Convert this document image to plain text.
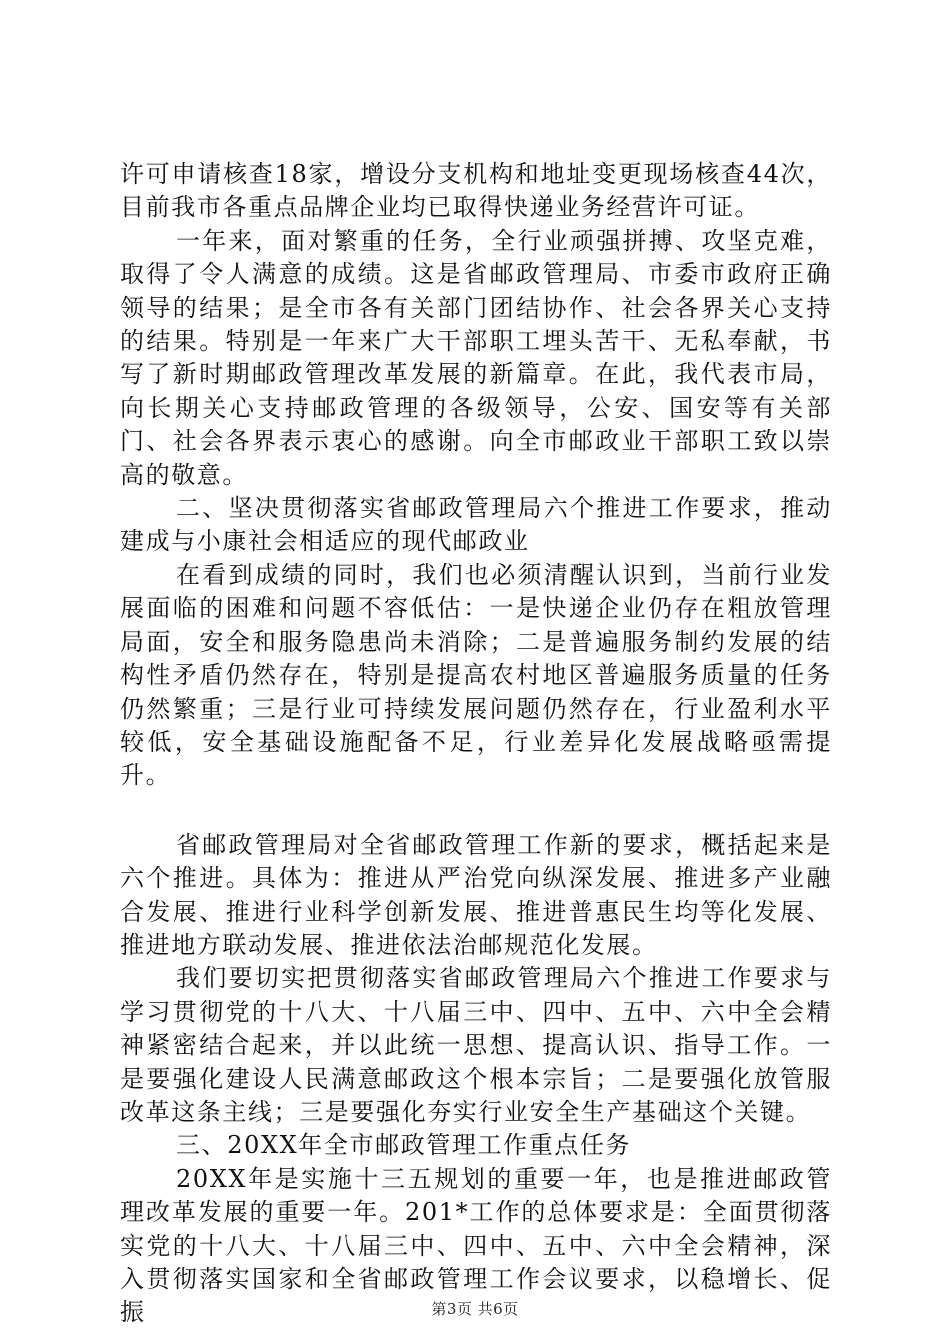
许可申请核查18家，增设分支机构和地址变更现场核查44次，目前我市各重点品牌企业均已取得快递业务经营许可证。

一年来，面对繁重的任务，全行业顽强拼搏、攻坚克难，取得了令人满意的成绩。这是省邮政管理局、市委市政府正确领导的结果；是全市各有关部门团结协作、社会各界关心支持的结果。特别是一年来广大干部职工埋头苦干、无私奉献，书写了新时期邮政管理改革发展的新篇章。在此，我代表市局，向长期关心支持邮政管理的各级领导，公安、国安等有关部门、社会各界表示衷心的感谢。向全市邮政业干部职工致以崇高的敬意。

二、坚决贯彻落实省邮政管理局六个推进工作要求，推动建成与小康社会相适应的现代邮政业

在看到成绩的同时，我们也必须清醒认识到，当前行业发展面临的困难和问题不容低估：一是快递企业仍存在粗放管理局面，安全和服务隐患尚未消除；二是普遍服务制约发展的结构性矛盾仍然存在，特别是提高农村地区普遍服务质量的任务仍然繁重；三是行业可持续发展问题仍然存在，行业盈利水平较低，安全基础设施配备不足，行业差异化发展战略亟需提升。

省邮政管理局对全省邮政管理工作新的要求，概括起来是六个推进。具体为：推进从严治党向纵深发展、推进多产业融合发展、推进行业科学创新发展、推进普惠民生均等化发展、推进地方联动发展、推进依法治邮规范化发展。

我们要切实把贯彻落实省邮政管理局六个推进工作要求与学习贯彻党的十八大、十八届三中、四中、五中、六中全会精神紧密结合起来，并以此统一思想、提高认识、指导工作。一是要强化建设人民满意邮政这个根本宗旨；二是要强化放管服改革这条主线；三是要强化夯实行业安全生产基础这个关键。

三、20XX年全市邮政管理工作重点任务

20XX年是实施十三五规划的重要一年，也是推进邮政管理改革发展的重要一年。201*工作的总体要求是：全面贯彻落实党的十八大、十八届三中、四中、五中、六中全会精神，深入贯彻落实国家和全省邮政管理工作会议要求，以稳增长、促振	第3页 共6页
